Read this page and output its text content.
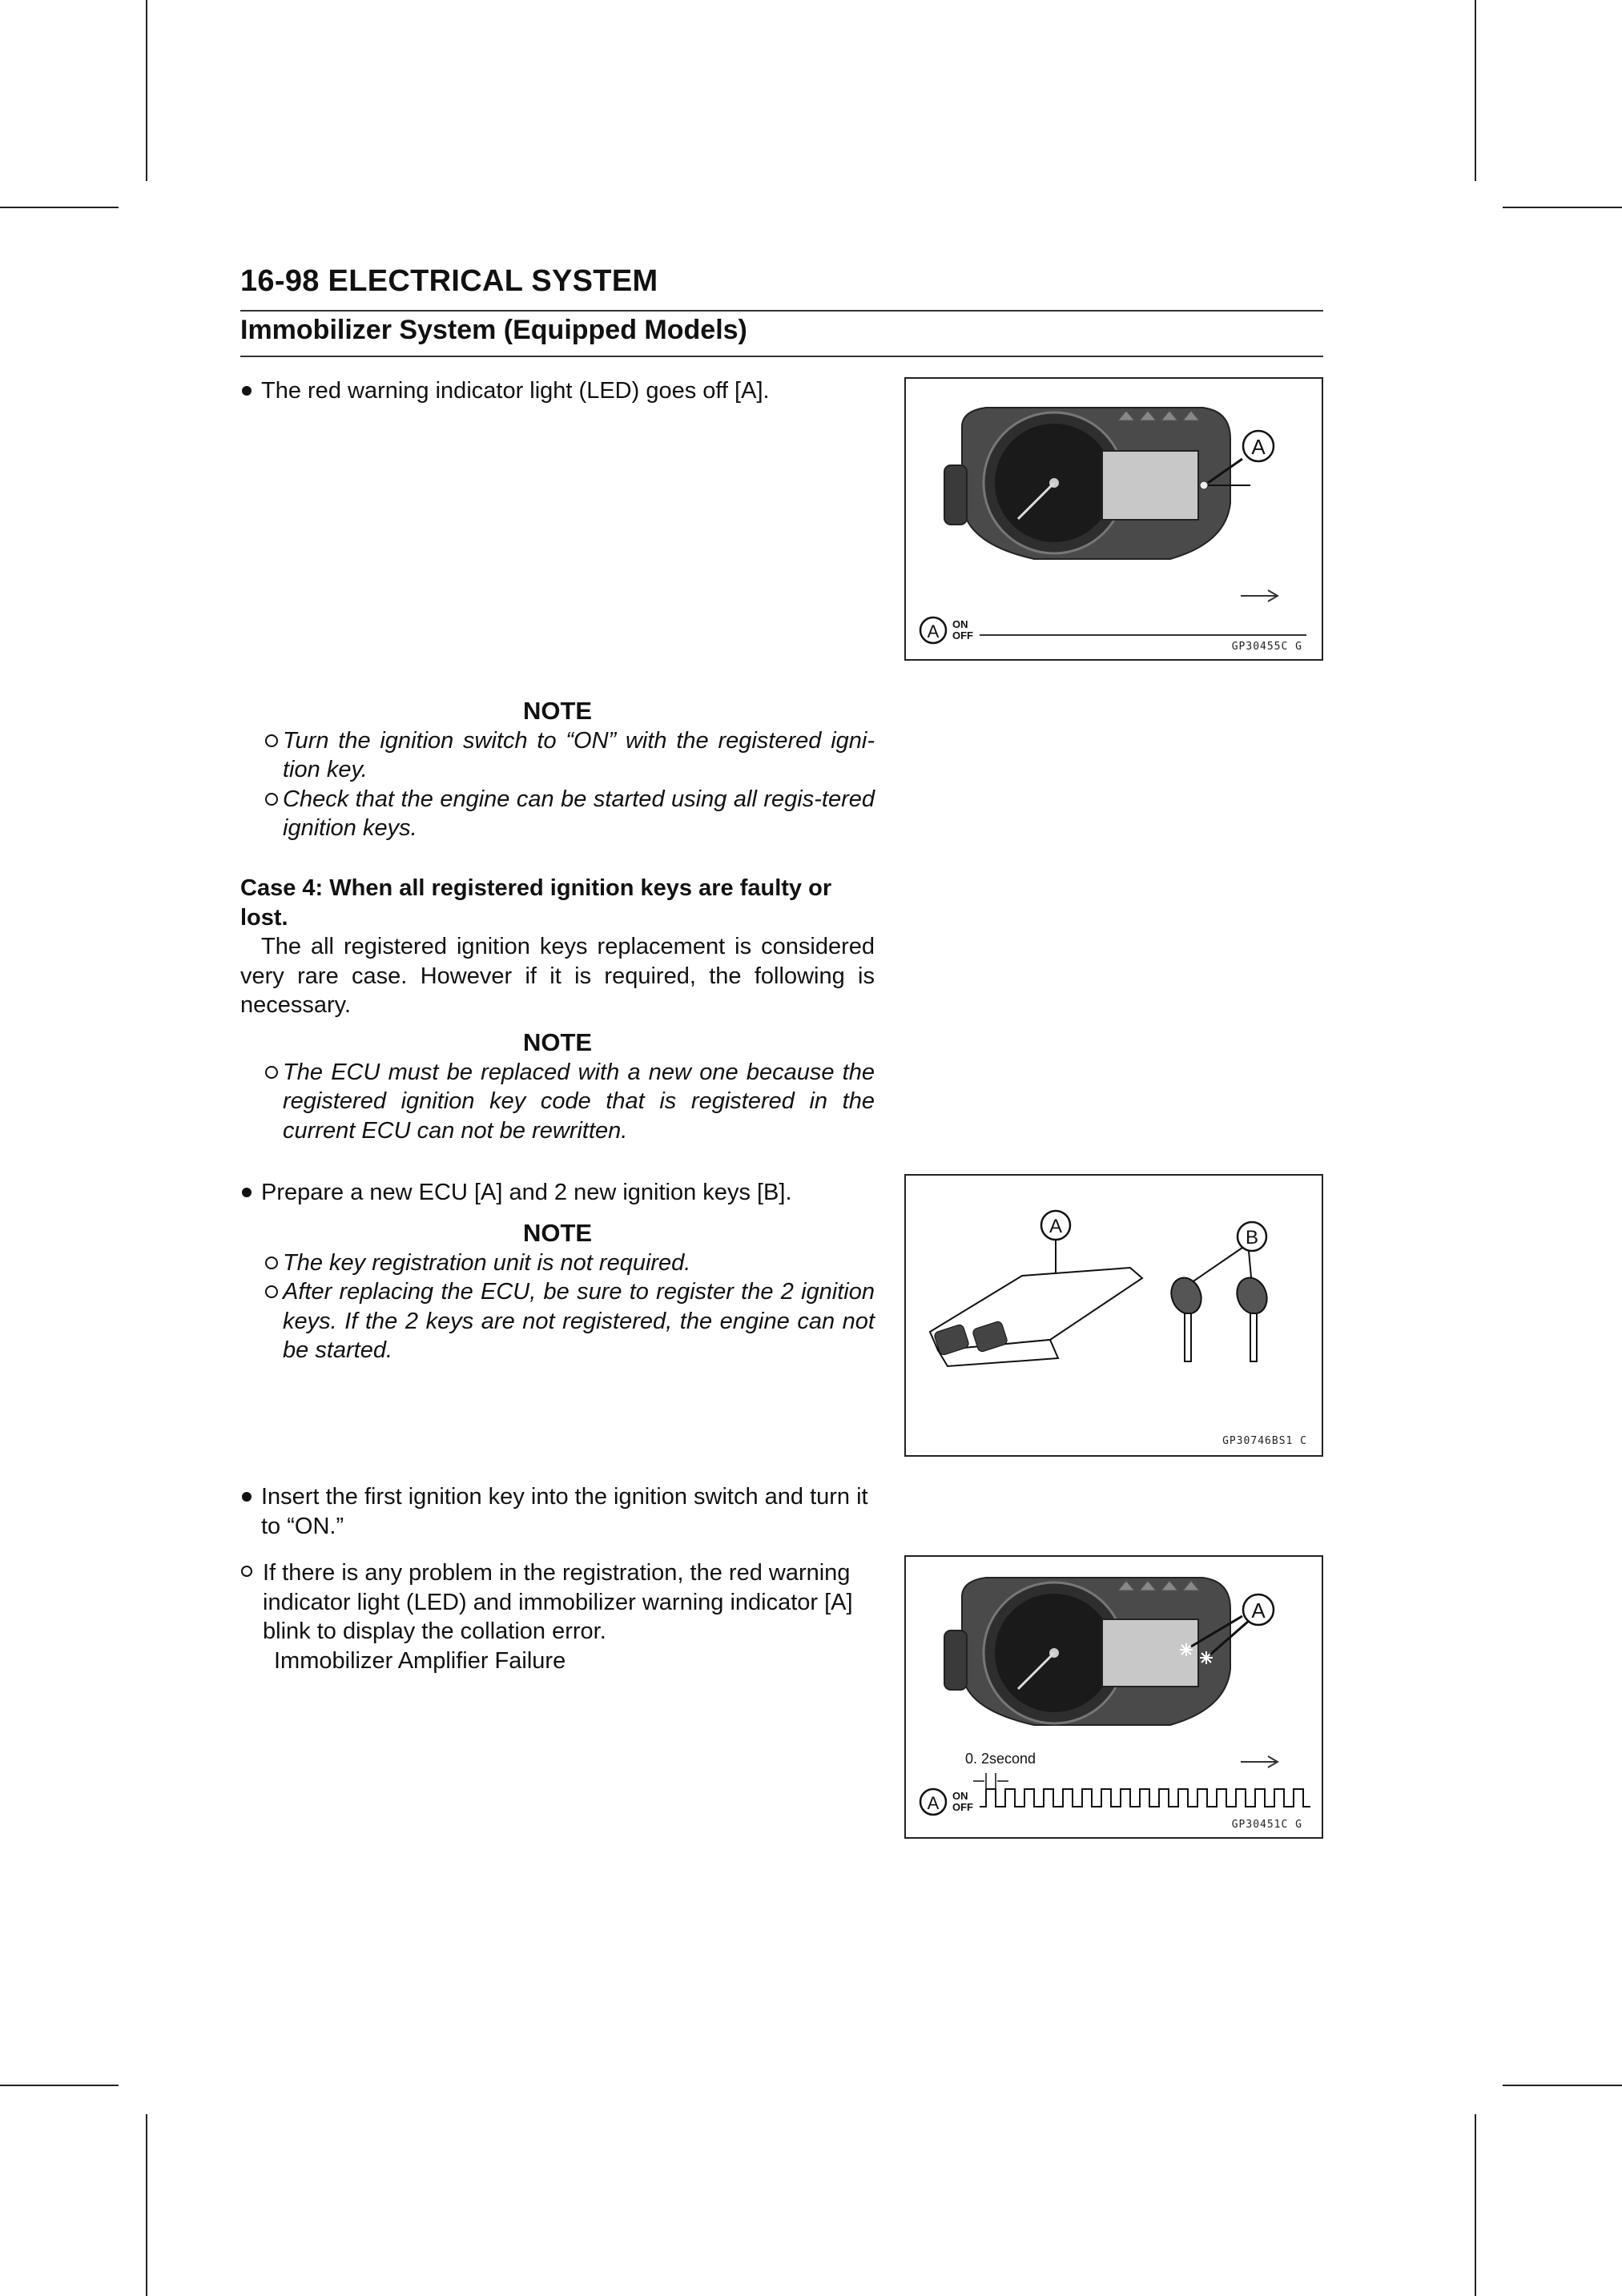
16-98 ELECTRICAL SYSTEM
Immobilizer System (Equipped Models)
The red warning indicator light (LED) goes off [A].
NOTE
Turn the ignition switch to “ON” with the registered igni-tion key.
Check that the engine can be started using all regis-tered ignition keys.
Case 4: When all registered ignition keys are faulty or lost.
The all registered ignition keys replacement is considered very rare case. However if it is required, the following is necessary.
NOTE
The ECU must be replaced with a new one because the registered ignition key code that is registered in the current ECU can not be rewritten.
Prepare a new ECU [A] and 2 new ignition keys [B].
NOTE
The key registration unit is not required.
After replacing the ECU, be sure to register the 2 ignition keys. If the 2 keys are not registered, the engine can not be started.
Insert the first ignition key into the ignition switch and turn it to “ON.”
If there is any problem in the registration, the red warning indicator light (LED) and immobilizer warning indicator [A] blink to display the collation error.
Immobilizer Amplifier Failure
A
A ON
OFF
GP30455C G
A
B
GP30746BS1 C
A
0. 2second
A ON
OFF
GP30451C G
